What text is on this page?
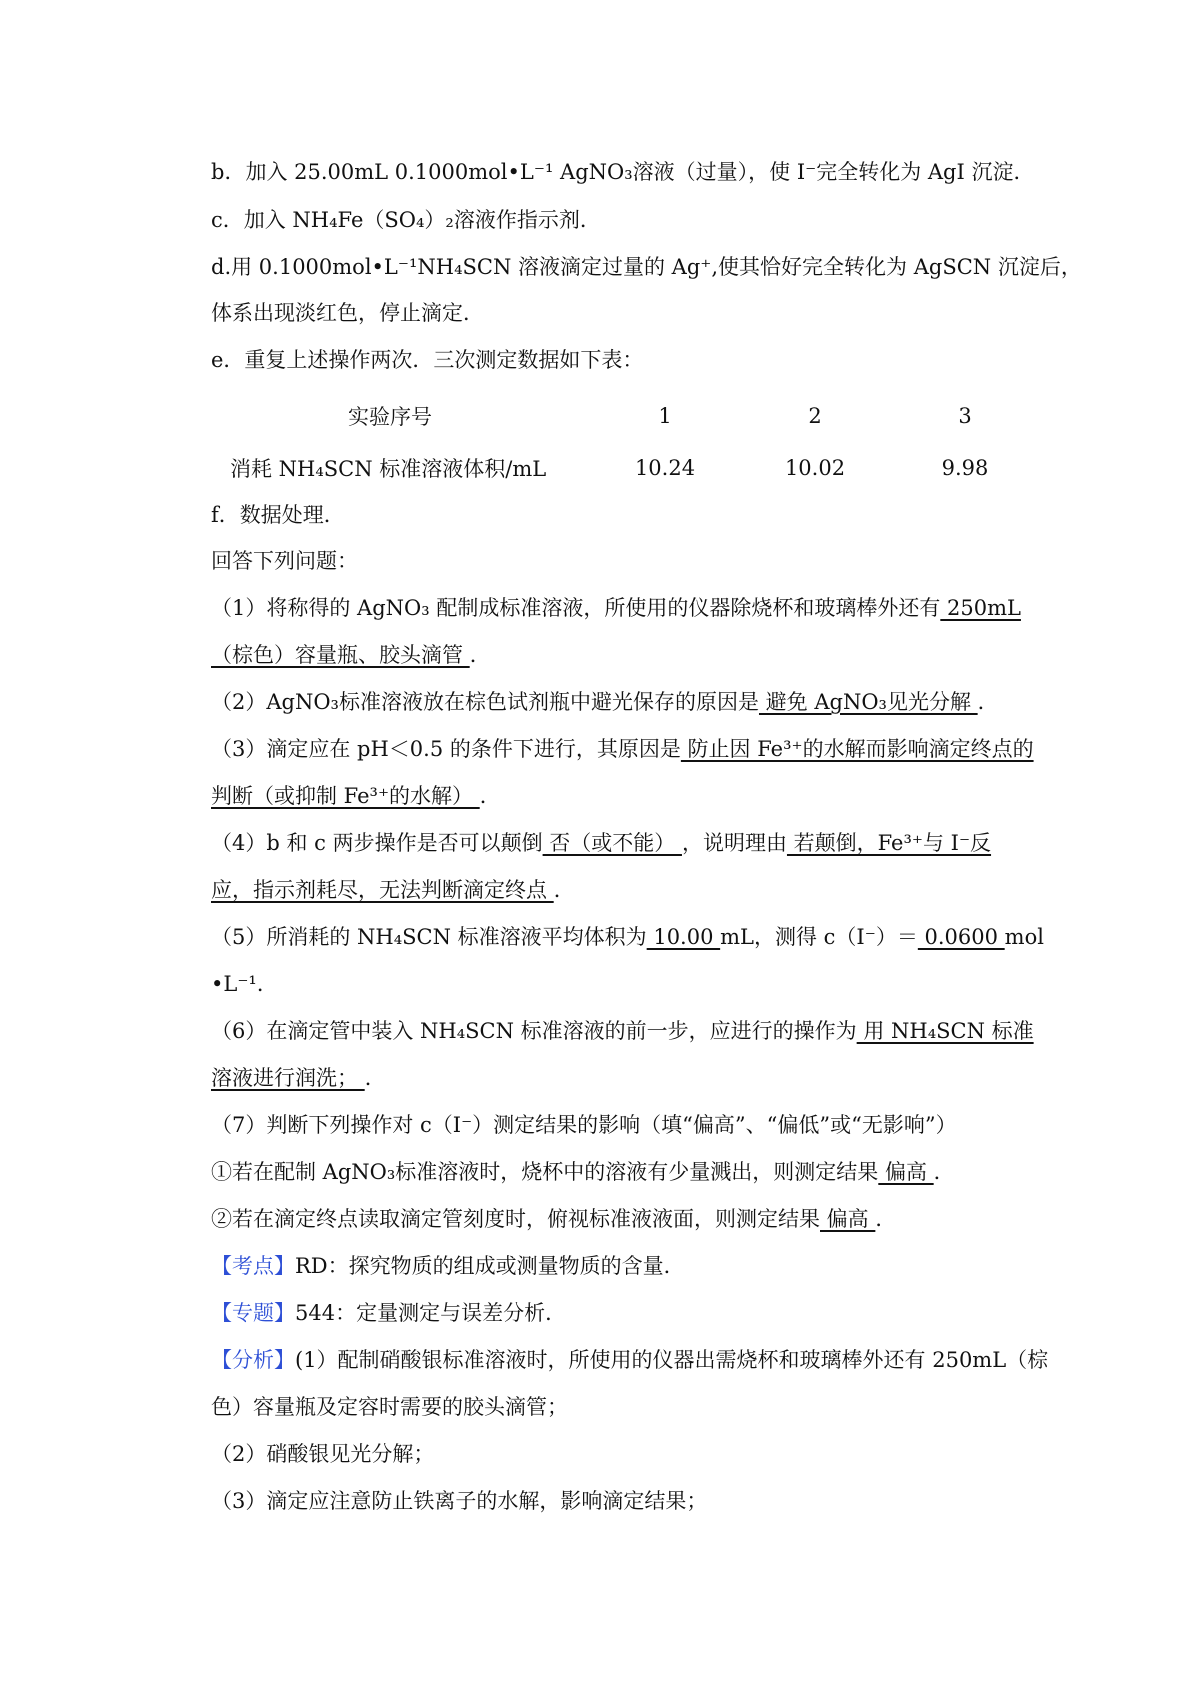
b．加入 25.00mL 0.1000mol•L⁻¹ AgNO₃溶液（过量），使 I⁻完全转化为 AgI 沉淀．
c．加入 NH₄Fe（SO₄）₂溶液作指示剂．
d.用 0.1000mol•L⁻¹NH₄SCN 溶液滴定过量的 Ag⁺,使其恰好完全转化为 AgSCN 沉淀后，
体系出现淡红色，停止滴定．
e．重复上述操作两次．三次测定数据如下表：
实验序号	1	2	3
消耗 NH₄SCN 标准溶液体积/mL	10.24	10.02	9.98
f．数据处理．
回答下列问题：
（1）将称得的 AgNO₃ 配制成标准溶液，所使用的仪器除烧杯和玻璃棒外还有 250mL
（棕色）容量瓶、胶头滴管 ．
（2）AgNO₃标准溶液放在棕色试剂瓶中避光保存的原因是 避免 AgNO₃见光分解 ．
（3）滴定应在 pH＜0.5 的条件下进行，其原因是 防止因 Fe³⁺的水解而影响滴定终点的
判断（或抑制 Fe³⁺的水解） ．
（4）b 和 c 两步操作是否可以颠倒 否（或不能） ，说明理由 若颠倒，Fe³⁺与 I⁻反
应，指示剂耗尽，无法判断滴定终点 ．
（5）所消耗的 NH₄SCN 标准溶液平均体积为 10.00 mL，测得 c（I⁻）＝ 0.0600 mol
•L⁻¹．
（6）在滴定管中装入 NH₄SCN 标准溶液的前一步，应进行的操作为 用 NH₄SCN 标准
溶液进行润洗； ．
（7）判断下列操作对 c（I⁻）测定结果的影响（填“偏高”、“偏低”或“无影响”）
①若在配制 AgNO₃标准溶液时，烧杯中的溶液有少量溅出，则测定结果 偏高 ．
②若在滴定终点读取滴定管刻度时，俯视标准液液面，则测定结果 偏高 ．
【考点】RD：探究物质的组成或测量物质的含量．
【专题】544：定量测定与误差分析．
【分析】(1）配制硝酸银标准溶液时，所使用的仪器出需烧杯和玻璃棒外还有 250mL（棕
色）容量瓶及定容时需要的胶头滴管；
（2）硝酸银见光分解；
（3）滴定应注意防止铁离子的水解，影响滴定结果；
